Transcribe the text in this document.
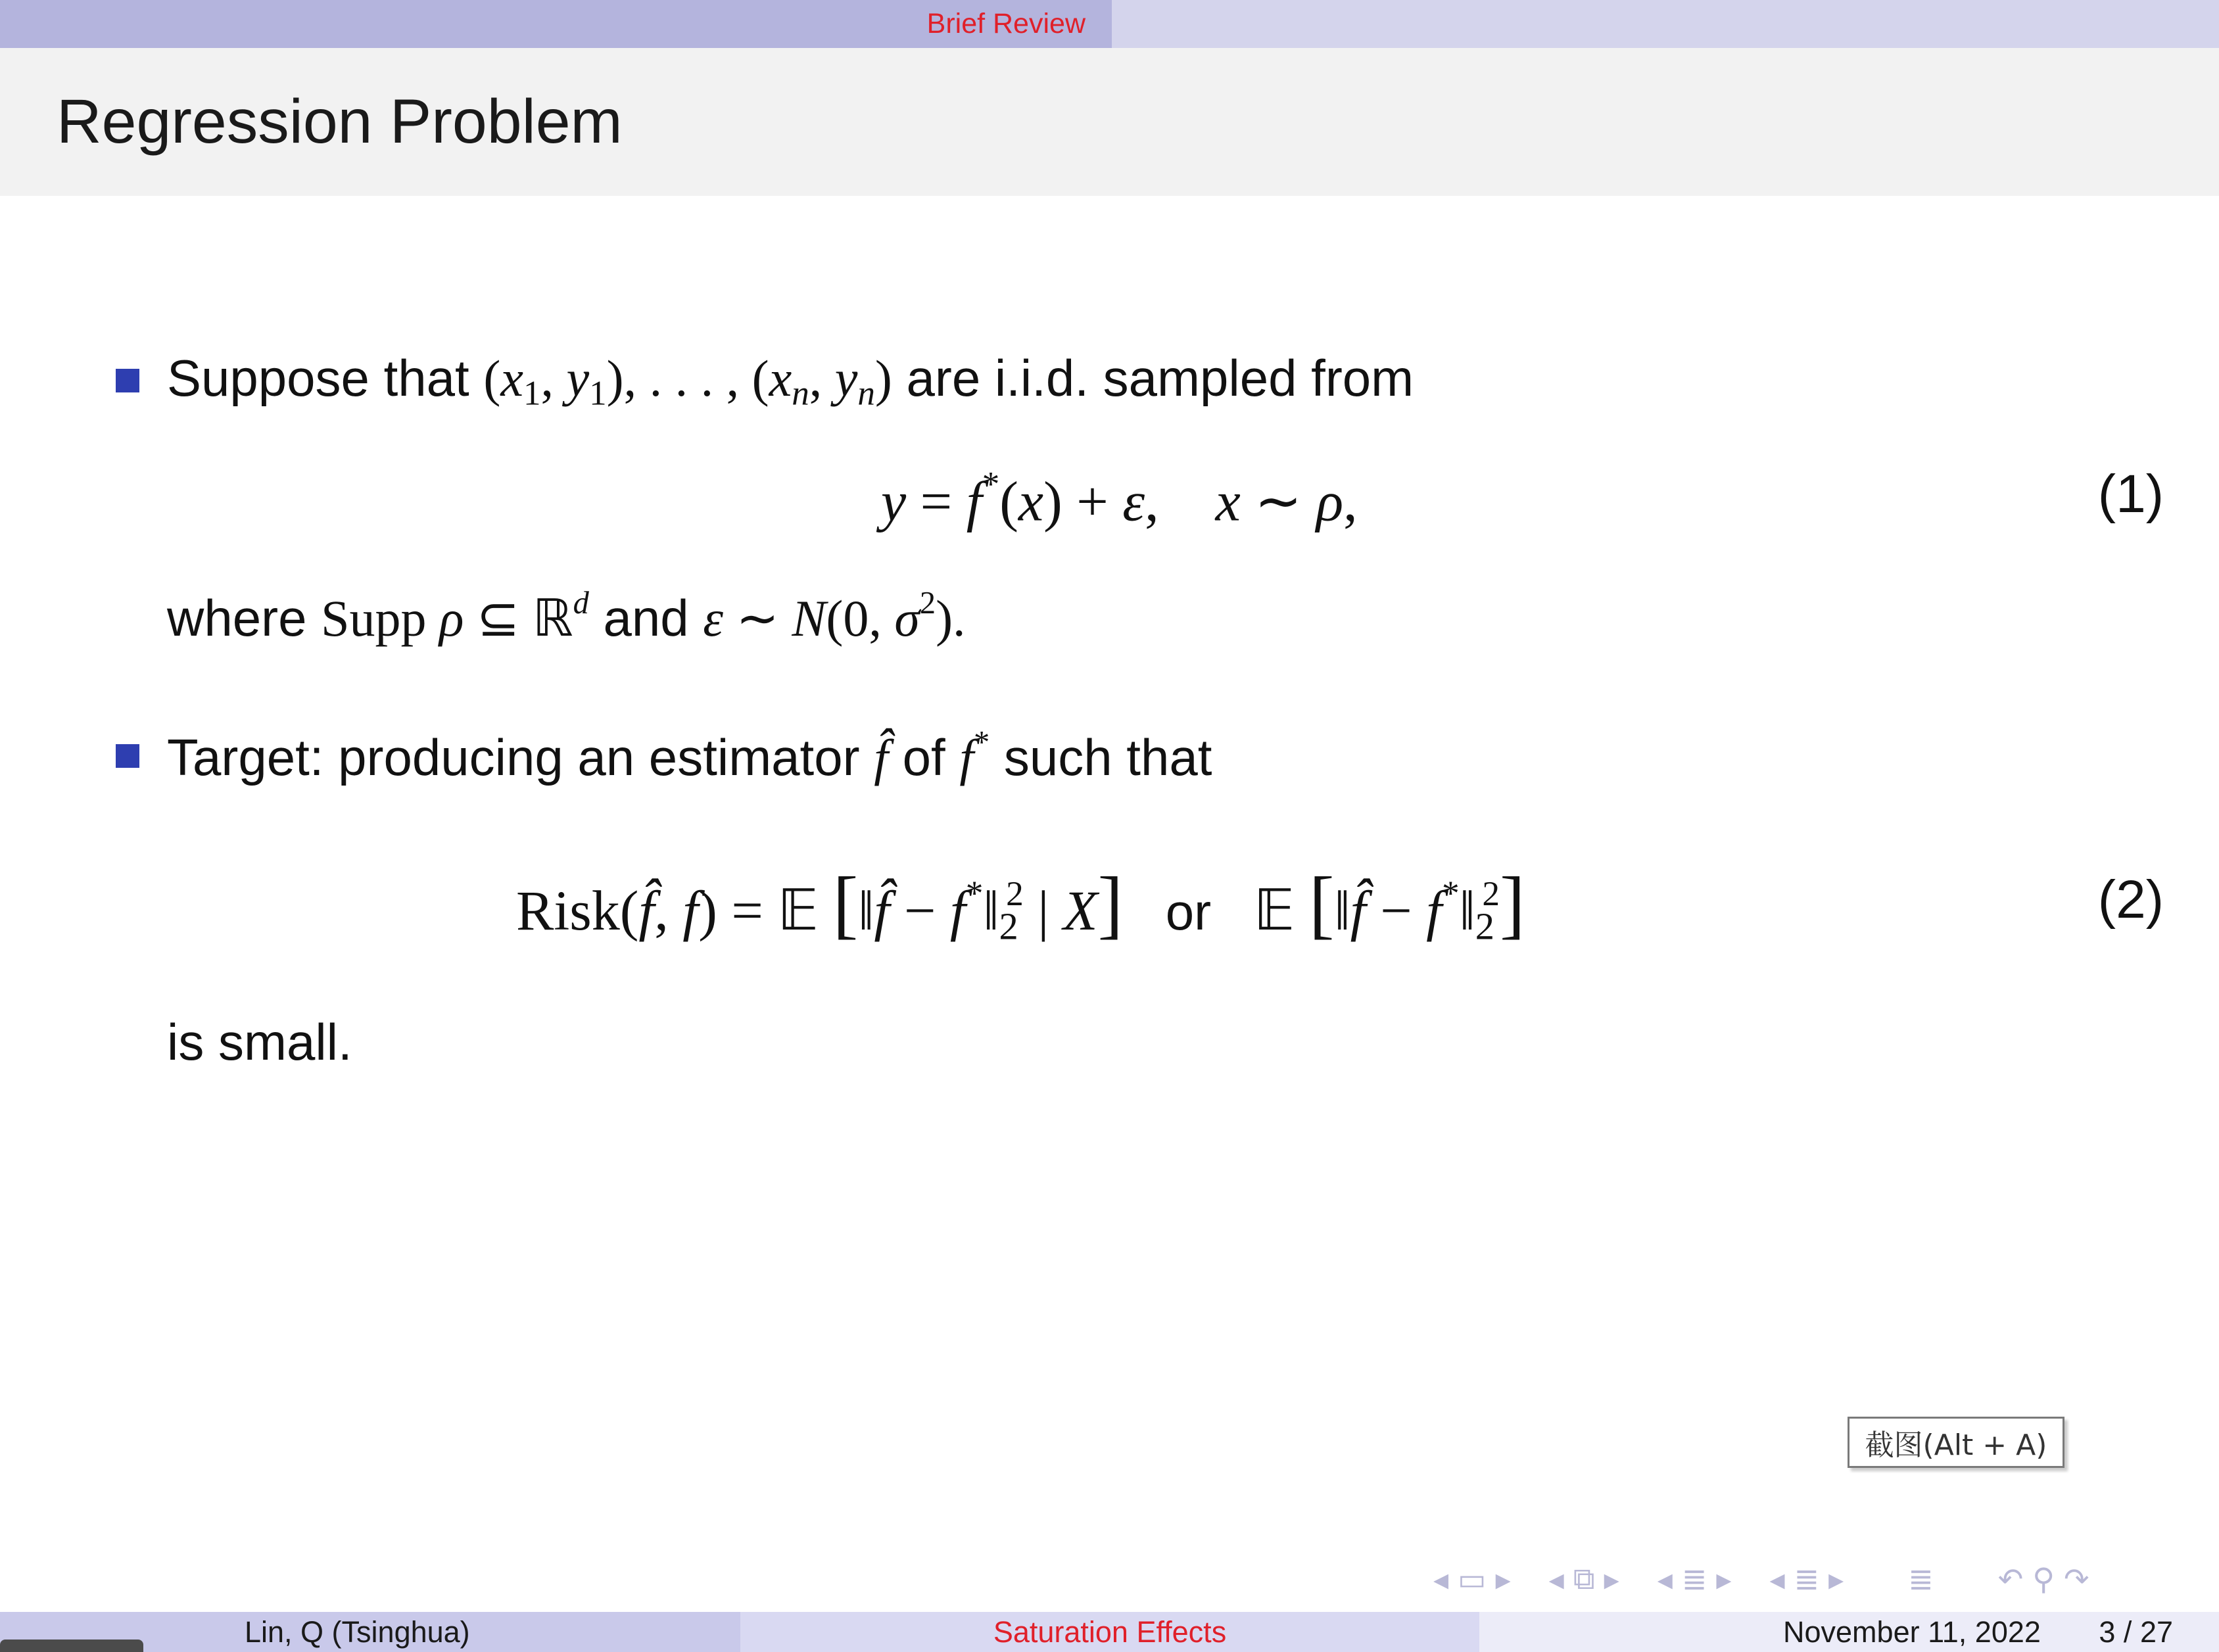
Brief Review
Regression Problem
Suppose that ($x_1$, $y_1$), . . . , ($x_n$, $y_n$) are i.i.d. sampled from
y = f*(x) + ε,    x ∼ ρ,	(1)
where Supp ρ ⊆ ℝ$^d$ and ε ∼ N(0, $\sigma^2$).
Target: producing an estimator f̂ of f* such that
Risk(f̂, f) = 𝔼 [‖f̂ − $f^*‖_2^2$ | X] or   𝔼 [‖f̂ − $f^*‖_2^2$]	(2)
is small.
截图(Alt + A)
◂ ▭ ▸ ◂ ⧉ ▸ ◂ ≣ ▸ ◂ ≣ ▸ ≣ ↶ ⚲ ↷
Lin, Q (Tsinghua)	Saturation Effects	November 11, 2022 3 / 27
